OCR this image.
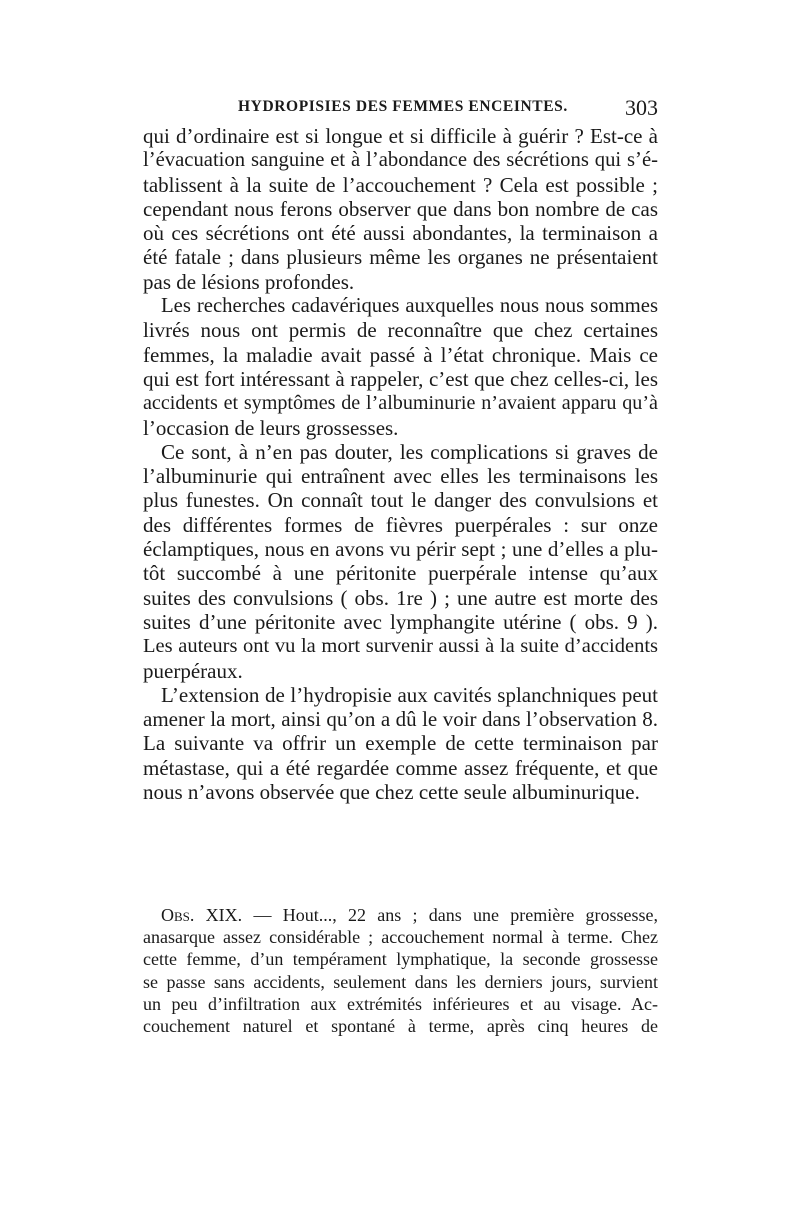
HYDROPISIES DES FEMMES ENCEINTES.	303
qui d’ordinaire est si longue et si difficile à guérir ? Est-ce à
l’évacuation sanguine et à l’abondance des sécrétions qui s’é-
tablissent à la suite de l’accouchement ? Cela est possible ;
cependant nous ferons observer que dans bon nombre de cas
où ces sécrétions ont été aussi abondantes, la terminaison a
été fatale ; dans plusieurs même les organes ne présentaient
pas de lésions profondes.
Les recherches cadavériques auxquelles nous nous sommes
livrés nous ont permis de reconnaître que chez certaines
femmes, la maladie avait passé à l’état chronique. Mais ce
qui est fort intéressant à rappeler, c’est que chez celles-ci, les
accidents et symptômes de l’albuminurie n’avaient apparu qu’à
l’occasion de leurs grossesses.
Ce sont, à n’en pas douter, les complications si graves de
l’albuminurie qui entraînent avec elles les terminaisons les
plus funestes. On connaît tout le danger des convulsions et
des différentes formes de fièvres puerpérales : sur onze
éclamptiques, nous en avons vu périr sept ; une d’elles a plu-
tôt succombé à une péritonite puerpérale intense qu’aux
suites des convulsions ( obs. 1re ) ; une autre est morte des
suites d’une péritonite avec lymphangite utérine ( obs. 9 ).
Les auteurs ont vu la mort survenir aussi à la suite d’accidents
puerpéraux.
L’extension de l’hydropisie aux cavités splanchniques peut
amener la mort, ainsi qu’on a dû le voir dans l’observation 8.
La suivante va offrir un exemple de cette terminaison par
métastase, qui a été regardée comme assez fréquente, et que
nous n’avons observée que chez cette seule albuminurique.
Obs. XIX. — Hout..., 22 ans ; dans une première grossesse,
anasarque assez considérable ; accouchement normal à terme. Chez
cette femme, d’un tempérament lymphatique, la seconde grossesse
se passe sans accidents, seulement dans les derniers jours, survient
un peu d’infiltration aux extrémités inférieures et au visage. Ac-
couchement naturel et spontané à terme, après cinq heures de
